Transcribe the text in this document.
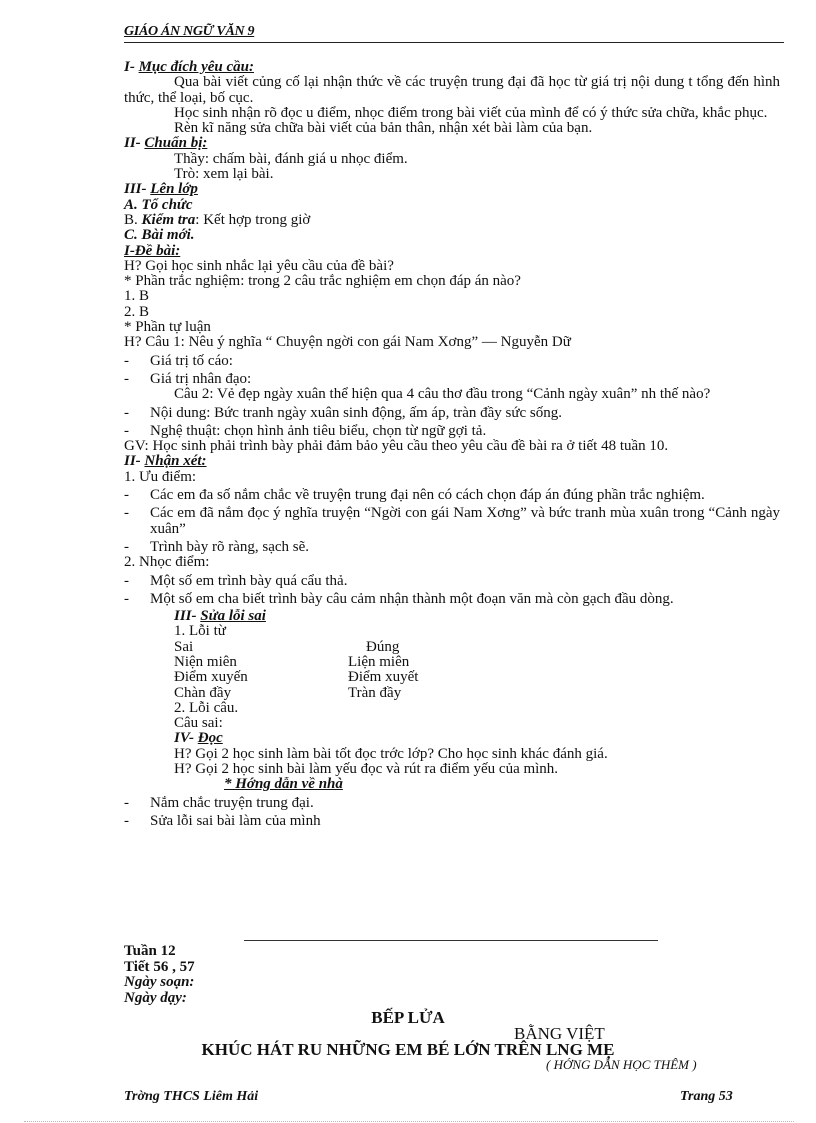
GIÁO ÁN NGỮ VĂN 9
I- Mục đích yêu cầu:
Qua bài viết củng cố lại nhận thức về các truyện trung đại đã học từ giá trị nội dung t tổng đến hình thức, thể loại, bố cục.
Học sinh nhận rõ đọc u điểm, nhọc điểm trong bài viết của mình để có ý thức sửa chữa, khắc phục.
Rèn kĩ năng sửa chữa bài viết của bản thân, nhận xét bài làm của bạn.
II- Chuẩn bị:
Thầy: chấm bài, đánh giá u nhọc điểm.
Trò: xem lại bài.
III- Lên lớp
A. Tổ chức
B. Kiểm tra: Kết hợp trong giờ
C. Bài mới.
I-Đề bài:
H? Gọi học sinh nhắc lại yêu cầu của đề bài?
* Phần trắc nghiệm: trong 2 câu trắc nghiệm em chọn đáp án nào?
1. B
2. B
* Phần tự luận
H? Câu 1: Nêu ý nghĩa “ Chuyện ngời con gái Nam Xơng” — Nguyễn Dữ
- Giá trị tố cáo:
- Giá trị nhân đạo:
Câu 2: Vẻ đẹp ngày xuân thể hiện qua 4 câu thơ đầu trong “Cảnh ngày xuân” nh thế nào?
- Nội dung: Bức tranh ngày xuân sinh động, ấm áp, tràn đầy sức sống.
- Nghệ thuật: chọn hình ảnh tiêu biểu, chọn từ ngữ gợi tả.
GV: Học sinh phải trình bày phải đảm bảo yêu cầu theo yêu cầu đề bài ra ở tiết 48 tuần 10.
II- Nhận xét:
1. Ưu điểm:
- Các em đa số nắm chắc về truyện trung đại nên có cách chọn đáp án đúng phần trắc nghiệm.
- Các em đã nắm đọc ý nghĩa truyện “Ngời con gái Nam Xơng” và bức tranh mùa xuân trong “Cảnh ngày xuân”
- Trình bày rõ ràng, sạch sẽ.
2. Nhọc điểm:
- Một số em trình bày quá cẩu thả.
- Một số em cha biết trình bày câu cảm nhận thành một đoạn văn mà còn gạch đầu dòng.
III- Sửa lỗi sai
1. Lỗi từ
Sai	Đúng
Niện miên	Liện miên
Điểm xuyến	Điểm xuyết
Chàn đầy	Tràn đầy
2. Lỗi câu.
Câu sai:
IV- Đọc
H? Gọi 2 học sinh làm bài tốt đọc trớc lớp? Cho học sinh khác đánh giá.
H? Gọi 2 học sinh bài làm yếu đọc và rút ra điểm yếu của mình.
* Hớng dẫn về nhà
- Nắm chắc truyện trung đại.
- Sửa lỗi sai bài làm của mình
Tuần 12
Tiết 56 , 57
Ngày soạn:
Ngày dạy:
BẾP LỬA
BẰNG VIỆT
KHÚC HÁT RU NHỮNG EM BÉ LỚN TRÊN LNG MẸ
( HỚNG DẪN HỌC THÊM )
Trờng THCS Liêm Hải	Trang 53
